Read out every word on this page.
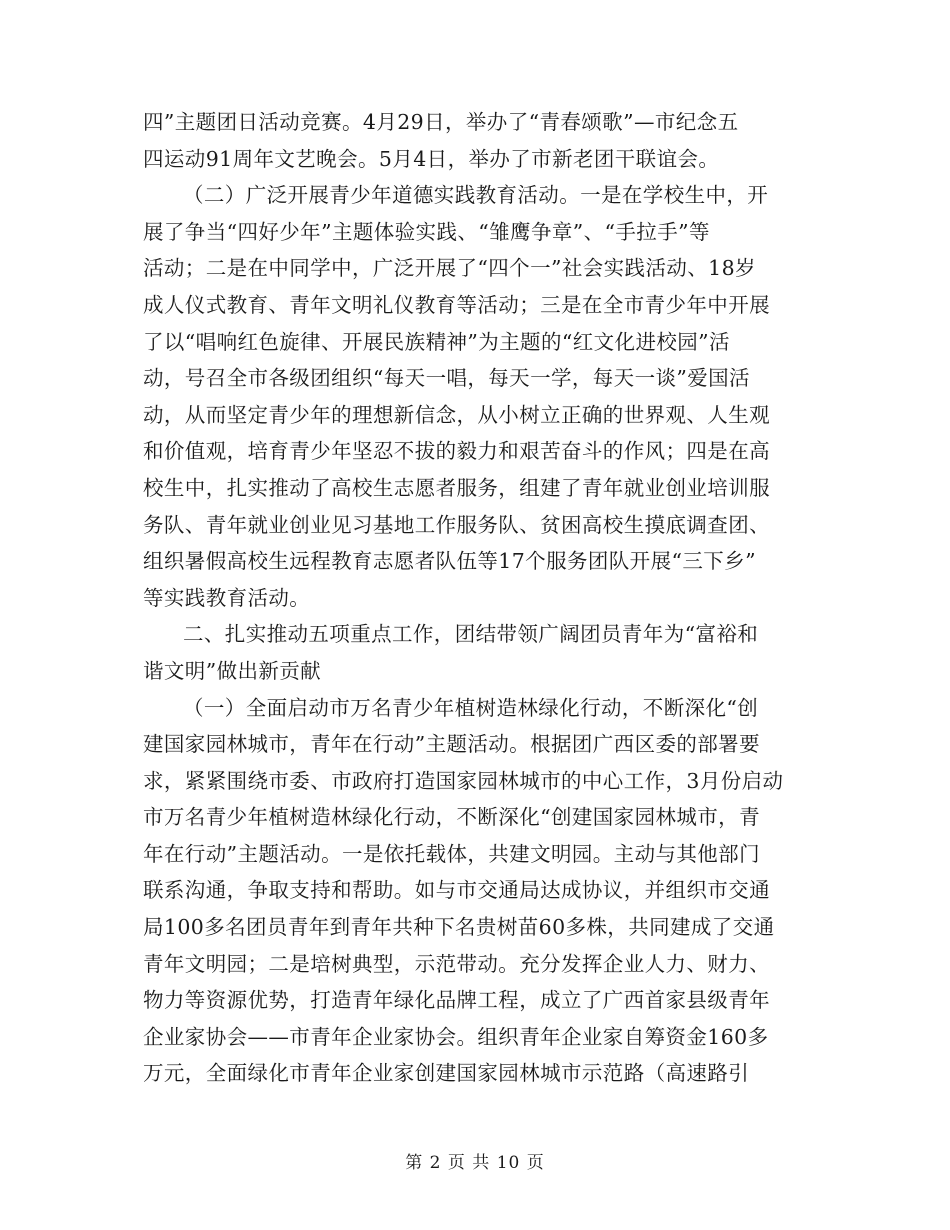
四”主题团日活动竞赛。4月29日，举办了“青春颂歌”—市纪念五
四运动91周年文艺晚会。5月4日，举办了市新老团干联谊会。
（二）广泛开展青少年道德实践教育活动。一是在学校生中，开
展了争当“四好少年”主题体验实践、“雏鹰争章”、“手拉手”等
活动；二是在中同学中，广泛开展了“四个一”社会实践活动、18岁
成人仪式教育、青年文明礼仪教育等活动；三是在全市青少年中开展
了以“唱响红色旋律、开展民族精神”为主题的“红文化进校园”活
动，号召全市各级团组织“每天一唱，每天一学，每天一谈”爱国活
动，从而坚定青少年的理想新信念，从小树立正确的世界观、人生观
和价值观，培育青少年坚忍不拔的毅力和艰苦奋斗的作风；四是在高
校生中，扎实推动了高校生志愿者服务，组建了青年就业创业培训服
务队、青年就业创业见习基地工作服务队、贫困高校生摸底调查团、
组织暑假高校生远程教育志愿者队伍等17个服务团队开展“三下乡”
等实践教育活动。
二、扎实推动五项重点工作，团结带领广阔团员青年为“富裕和
谐文明”做出新贡献
（一）全面启动市万名青少年植树造林绿化行动，不断深化“创
建国家园林城市，青年在行动”主题活动。根据团广西区委的部署要
求，紧紧围绕市委、市政府打造国家园林城市的中心工作，3月份启动
市万名青少年植树造林绿化行动，不断深化“创建国家园林城市，青
年在行动”主题活动。一是依托载体，共建文明园。主动与其他部门
联系沟通，争取支持和帮助。如与市交通局达成协议，并组织市交通
局100多名团员青年到青年共种下名贵树苗60多株，共同建成了交通
青年文明园；二是培树典型，示范带动。充分发挥企业人力、财力、
物力等资源优势，打造青年绿化品牌工程，成立了广西首家县级青年
企业家协会——市青年企业家协会。组织青年企业家自筹资金160多
万元，全面绿化市青年企业家创建国家园林城市示范路（高速路引
第 2 页 共 10 页
